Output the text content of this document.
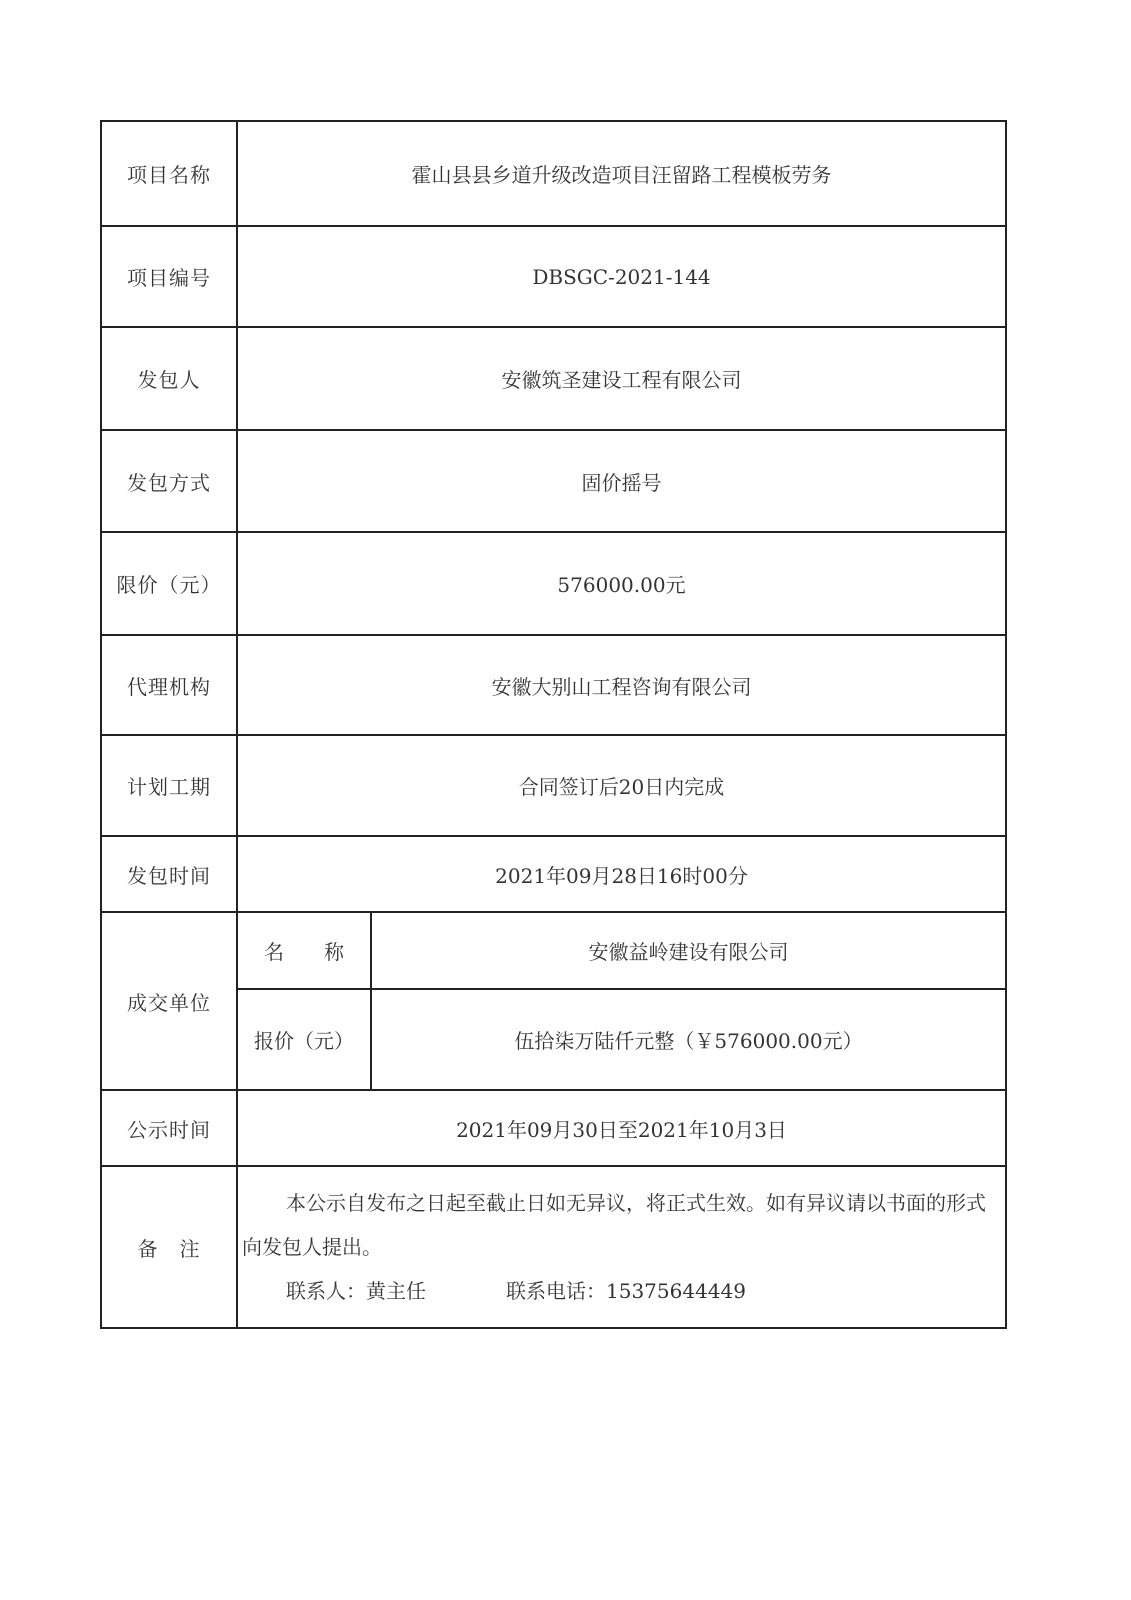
项目名称	霍山县县乡道升级改造项目汪留路工程模板劳务	
项目编号	DBSGC-2021-144	
发包人	安徽筑圣建设工程有限公司	
发包方式	固价摇号	
限价（元）	576000.00元	
代理机构	安徽大别山工程咨询有限公司	
计划工期	合同签订后20日内完成	
发包时间	2021年09月28日16时00分	
成交单位	名　　称	安徽益岭建设有限公司
	报价（元）	伍拾柒万陆仟元整（￥576000.00元）
公示时间	2021年09月30日至2021年10月3日	
备　注	本公示自发布之日起至截止日如无异议，将正式生效。如有异议请以书面的形式向发包人提出。
联系人：黄主任 联系电话：15375644449	
